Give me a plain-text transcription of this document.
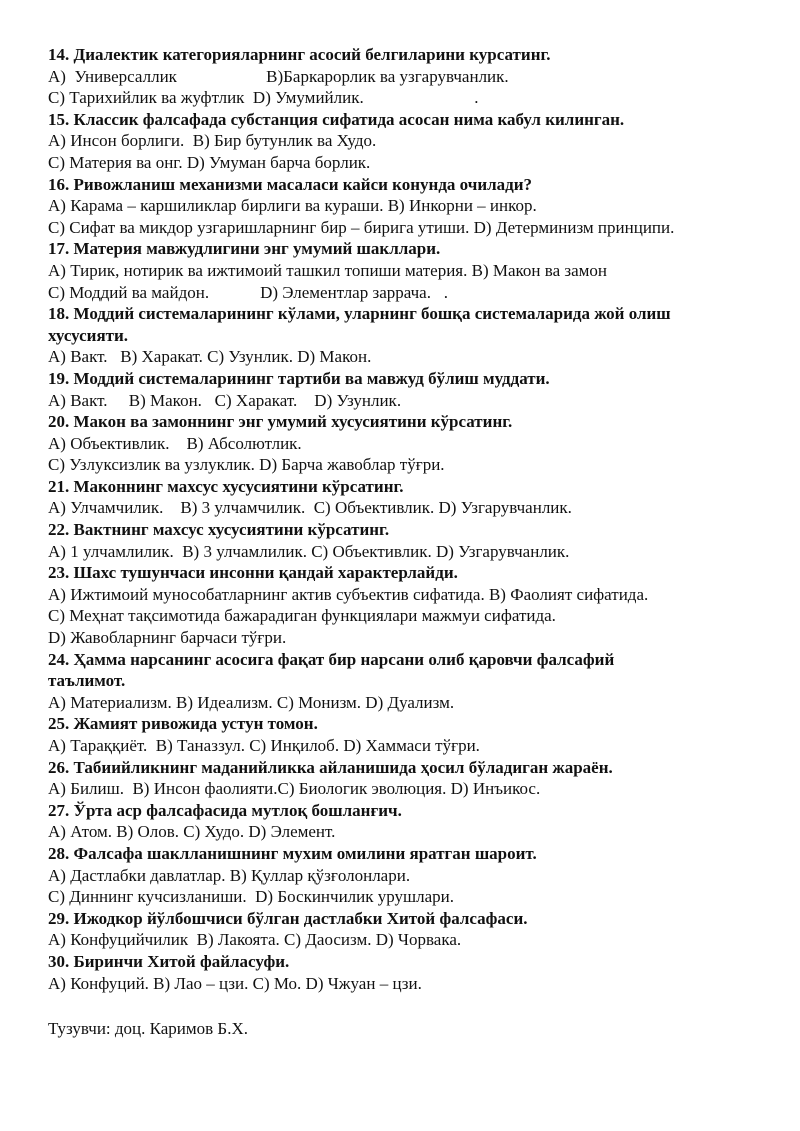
14. Диалектик категорияларнинг асосий белгиларини курсатинг.
A)  Универсаллик                     B)Баркарорлик ва узгарувчанлик.
C) Тарихийлик ва жуфтлик  D) Умумийлик.                          .
15. Классик фалсафада субстанция сифатида асосан нима кабул килинган.
A) Инсон борлиги.  B) Бир бутунлик ва Худо.
C) Материя ва онг. D) Умуман барча борлик.
16. Ривожланиш механизми масаласи кайси конунда очилади?
A) Карама – каршиликлар бирлиги ва кураши. B) Инкорни – инкор.
C) Сифат ва микдор узгаришларнинг бир – бирига утиши. D) Детерминизм принципи.
17. Материя мавжудлигини энг умумий шакллари.
A) Тирик, нотирик ва ижтимоий ташкил топиши материя. B) Макон ва замон
C) Моддий ва майдон.            D) Элементлар заррача.   .
18. Моддий системаларининг кўлами, уларнинг бошқа системаларида жой олиш
хусусияти.
A) Вакт.   B) Харакат. C) Узунлик. D) Макон.
19. Моддий системаларининг тартиби ва мавжуд бўлиш муддати.
A) Вакт.     B) Макон.   C) Харакат.    D) Узунлик.
20. Макон ва замоннинг энг умумий хусусиятини кўрсатинг.
A) Объективлик.    B) Абсолютлик.
C) Узлуксизлик ва узлуклик. D) Барча жавоблар тўғри.
21. Маконнинг махсус хусусиятини кўрсатинг.
A) Улчамчилик.    B) 3 улчамчилик.  C) Объективлик. D) Узгарувчанлик.
22. Вактнинг махсус хусусиятини кўрсатинг.
A) 1 улчамлилик.  B) 3 улчамлилик. C) Объективлик. D) Узгарувчанлик.
23. Шахс тушунчаси инсонни қандай характерлайди.
A) Ижтимоий мунособатларнинг актив субъектив сифатида. B) Фаолият сифатида.
C) Меҳнат тақсимотида бажарадиган функциялари мажмуи сифатида.
D) Жавобларнинг барчаси тўғри.
24. Ҳамма нарсанинг асосига фақат бир нарсани олиб қаровчи фалсафий
таълимот.
A) Материализм. B) Идеализм. C) Монизм. D) Дуализм.
25. Жамият ривожида устун томон.
A) Тараққиёт.  B) Таназзул. C) Инқилоб. D) Хаммаси тўғри.
26. Табиийликнинг маданийликка айланишида ҳосил бўладиган жараён.
A) Билиш.  B) Инсон фаолияти.C) Биологик эволюция. D) Инъикос.
27. Ўрта аср фалсафасида мутлоқ бошланғич.
A) Атом. B) Олов. C) Худо. D) Элемент.
28. Фалсафа шаклланишнинг мухим омилини яратган шароит.
A) Дастлабки давлатлар. B) Қуллар қўзғолонлари.
C) Диннинг кучсизланиши.  D) Боскинчилик урушлари.
29. Ижодкор йўлбошчиси бўлган дастлабки Хитой фалсафаси.
A) Конфуцийчилик  B) Лакоята. C) Даосизм. D) Чорвака.
30. Биринчи Хитой файласуфи.
A) Конфуций. B) Лао – цзи. C) Мо. D) Чжуан – цзи.
Тузувчи: доц. Каримов Б.Х.
